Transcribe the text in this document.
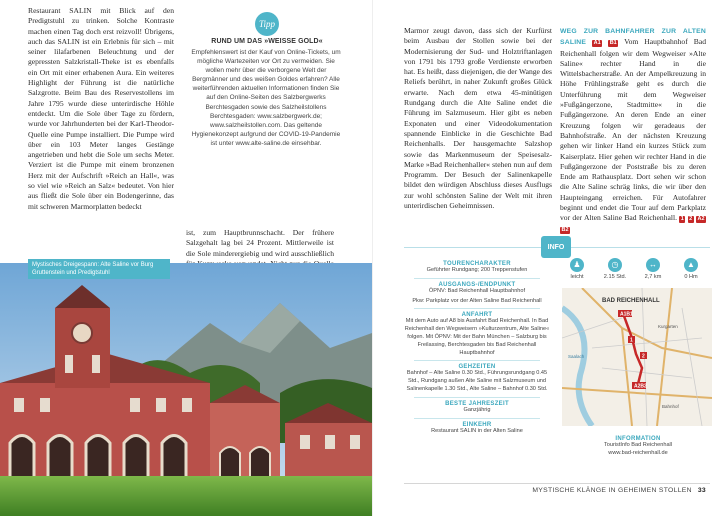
Restaurant SALIN mit Blick auf den Predigtstuhl zu trinken. Solche Kontraste machen einen Tag doch erst reizvoll! Übrigens, auch das SALIN ist ein Erlebnis für sich – mit seiner lilafarbenen Beleuchtung und der gepressten Salzkristall-Theke ist es ebenfalls ein Ort mit einer erhabenen Aura. Ein weiteres Highlight der Führung ist die natürliche Salzgrotte. Beim Bau des Reservestollens im Jahre 1795 wurde diese unterirdische Höhle entdeckt. Um die Sole über Tage zu fördern, wurde vor Jahrhunderten bei der Karl-Theodor-Quelle eine Pumpe installiert. Die Pumpe wird über ein 103 Meter langes Gestänge angetrieben und hebt die Sole um sechs Meter. Verziert ist die Pumpe mit einem bronzenen Herz mit der Aufschrift »Reich an Hall«, was so viel wie »Reich an Salz« bedeutet. Von hier aus fließt die Sole über ein Bodengerinne, das mit schweren Marmorplatten bedeckt
Tipp
RUND UM DAS »WEISSE GOLD«
Empfehlenswert ist der Kauf von Online-Tickets, um mögliche Wartezeiten vor Ort zu vermeiden. Sie wollen mehr über die verborgene Welt der Bergmänner und des weißen Goldes erfahren? Alle weiterführenden aktuellen Informationen finden Sie auf den Online-Seiten des Salzbergwerks Berchtesgaden sowie des Salzheilstollens Berchtesgaden: www.salzbergwerk.de; www.salzheilstollen.com. Das geltende Hygienekonzept aufgrund der COVID-19-Pandemie ist unter www.alte-saline.de einsehbar.
ist, zum Hauptbrunnschacht. Der frühere Salzgehalt lag bei 24 Prozent. Mittlerweile ist die Sole minderergiebig und wird ausschließlich
Mystisches Dreigespann: Alte Saline vor Burg Gruttenstein und Predigtstuhl
Marmor zeugt davon, dass sich der Kurfürst beim Ausbau der Stollen sowie bei der Modernisierung der Sud- und Holztriftanlagen von 1791 bis 1793 große Verdienste erworben hat. Es heißt, dass diejenigen, die der Wange des Reliefs berührt, in naher Zukunft großes Glück erwarte. Nach dem etwa 45-minütigen Rundgang durch die Alte Saline endet die Führung im Salzmuseum. Hier gibt es neben Exponaten und einer Videodokumentation spannende Einblicke in die Geschichte Bad Reichenhalls. Der hausgemachte Salzshop sowie das Markenmuseum der Speisesalz-Marke »Bad Reichenhaller« stehen nun auf dem Programm. Der Besuch der Salinenkapelle bildet den würdigen Abschluss dieses Ausflugs zur wohl schönsten Saline der Welt mit ihren unterirdischen Geheimnissen.
WEG ZUR BAHNFAHRER ZUR ALTEN SALINE A1 B1 Vom Hauptbahnhof Bad Reichenhall folgen wir dem Wegweiser »Alte Saline« rechter Hand in die Wittelsbacherstraße. An der Ampelkreuzung in Höhe Frühlingstraße geht es durch die Unterführung mit dem Wegweiser »Fußgängerzone, Stadtmitte« in die Fußgängerzone. An deren Ende an einer Kreuzung folgen wir geradeaus der Bahnhofstraße. An der nächsten Kreuzung gehen wir linker Hand ein kurzes Stück zum Kaiserplatz. Hier gehen wir rechter Hand in die Fußgängerzone der Poststraße bis zu deren Ende am Rathausplatz. Dort sehen wir schon die Alte Saline schräg links, die wir über den Haupteingang erreichen. Für Autofahrer beginnt und endet die Tour auf dem Parkplatz vor der Alten Saline Bad Reichenhall. 1 2 A2 B2
INFO
TOURENCHARAKTER
Geführter Rundgang; 200 Treppenstufen
AUSGANGS-/ENDPUNKT
ÖPNV: Bad Reichenhall Hauptbahnhof
Pkw: Parkplatz vor der Alten Saline Bad Reichenhall
ANFAHRT
Mit dem Auto auf A8 bis Ausfahrt Bad Reichenhall. In Bad Reichenhall den Wegweisern »Kulturzentrum, Alte Saline« folgen. Mit ÖPNV: Mit der Bahn München – Salzburg bis Freilassing, Berchtesgaden bis Bad Reichenhall Hauptbahnhof
GEHZEITEN
Bahnhof – Alte Saline 0.30 Std., Führungsrundgang 0.45 Std., Rundgang außen Alte Saline mit Salzmuseum und Salinenkapelle 1.30 Std., Alte Saline – Bahnhof 0.30 Std.
BESTE JAHRESZEIT
Ganzjährig
EINKEHR
Restaurant SALIN in der Alten Saline
♟
leicht
◷
2.15 Std.
↔
2,7 km
▲
0 Hm
A1B1
1
2
A2B2
BAD REICHENHALL
Bahnhof
Saalach
Kurgarten
INFORMATION
TouristInfo Bad Reichenhall
www.bad-reichenhall.de
MYSTISCHE KLÄNGE IN GEHEIMEN STOLLEN 33
